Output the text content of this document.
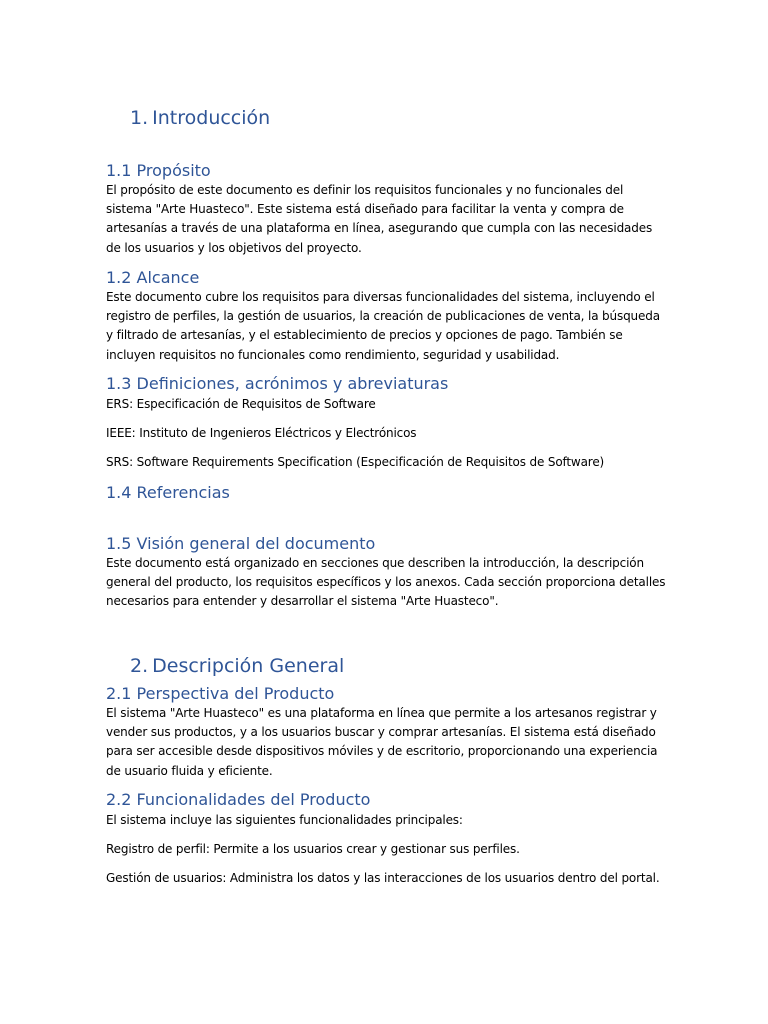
1. Introducción
1.1 Propósito
El propósito de este documento es definir los requisitos funcionales y no funcionales del sistema "Arte Huasteco". Este sistema está diseñado para facilitar la venta y compra de artesanías a través de una plataforma en línea, asegurando que cumpla con las necesidades de los usuarios y los objetivos del proyecto.
1.2 Alcance
Este documento cubre los requisitos para diversas funcionalidades del sistema, incluyendo el registro de perfiles, la gestión de usuarios, la creación de publicaciones de venta, la búsqueda y filtrado de artesanías, y el establecimiento de precios y opciones de pago. También se incluyen requisitos no funcionales como rendimiento, seguridad y usabilidad.
1.3 Definiciones, acrónimos y abreviaturas
ERS: Especificación de Requisitos de Software
IEEE: Instituto de Ingenieros Eléctricos y Electrónicos
SRS: Software Requirements Specification (Especificación de Requisitos de Software)
1.4 Referencias
1.5 Visión general del documento
Este documento está organizado en secciones que describen la introducción, la descripción general del producto, los requisitos específicos y los anexos. Cada sección proporciona detalles necesarios para entender y desarrollar el sistema "Arte Huasteco".
2. Descripción General
2.1 Perspectiva del Producto
El sistema "Arte Huasteco" es una plataforma en línea que permite a los artesanos registrar y vender sus productos, y a los usuarios buscar y comprar artesanías. El sistema está diseñado para ser accesible desde dispositivos móviles y de escritorio, proporcionando una experiencia de usuario fluida y eficiente.
2.2 Funcionalidades del Producto
El sistema incluye las siguientes funcionalidades principales:
Registro de perfil: Permite a los usuarios crear y gestionar sus perfiles.
Gestión de usuarios: Administra los datos y las interacciones de los usuarios dentro del portal.
